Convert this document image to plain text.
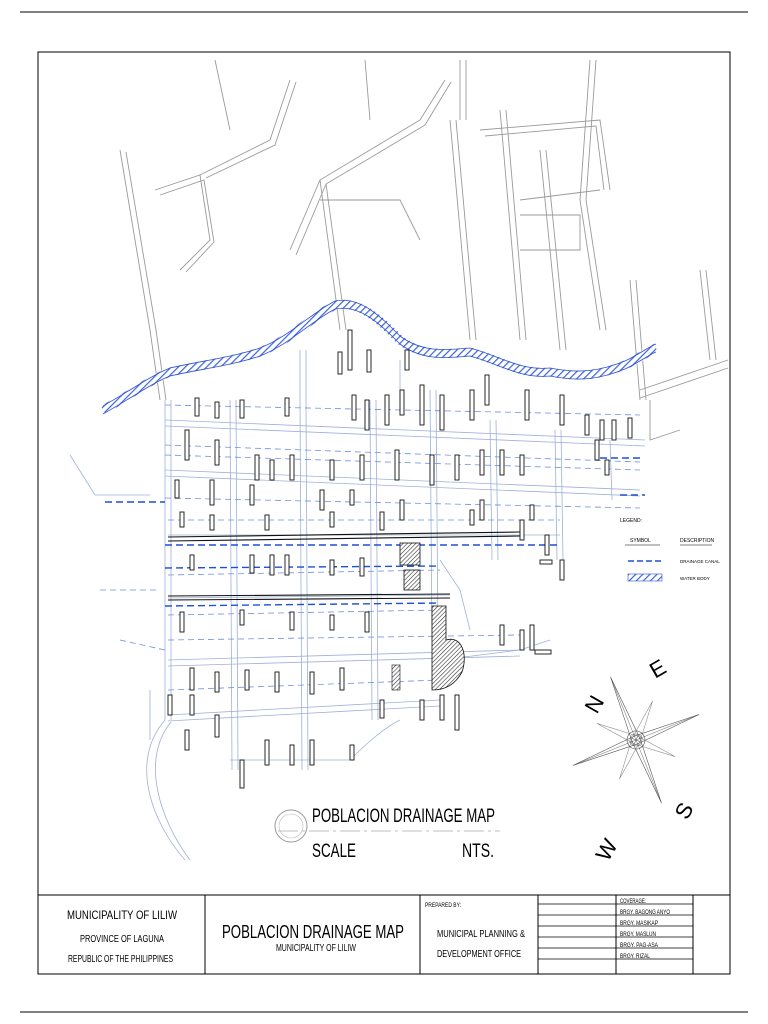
LEGEND:
SYMBOL	DESCRIPTION
DRAINAGE CANAL
WATER BODY
N
E
S
W
POBLACION DRAINAGE MAP
SCALE	NTS.
MUNICIPALITY OF LILIW
PROVINCE OF LAGUNA
REPUBLIC OF THE PHILIPPINES
POBLACION DRAINAGE MAP
MUNICIPALITY OF LILIW
PREPARED BY:
MUNICIPAL PLANNING &
DEVELOPMENT OFFICE
COVERAGE:
BRGY. BAGONG ANYO
BRGY. MASIKAP
BRGY. MASLUN
BRGY. PAG-ASA
BRGY. RIZAL
